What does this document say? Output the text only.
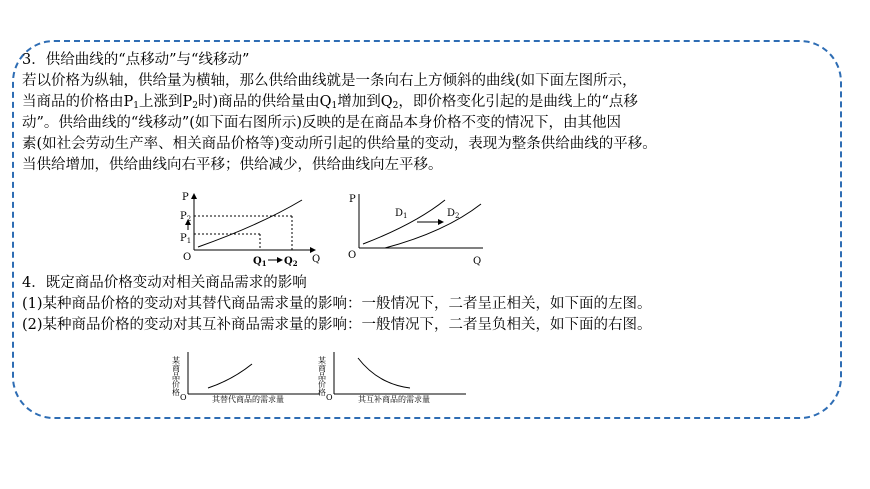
3．供给曲线的“点移动”与“线移动”
若以价格为纵轴，供给量为横轴，那么供给曲线就是一条向右上方倾斜的曲线(如下面左图所示，
当商品的价格由$P_1$上涨到$P_2$时)商品的供给量由$Q_1$增加到$Q_2$，即价格变化引起的是曲线上的“点移
动”。供给曲线的“线移动”(如下面右图所示)反映的是在商品本身价格不变的情况下，由其他因
素(如社会劳动生产率、相关商品价格等)变动所引起的供给量的变动，表现为整条供给曲线的平移。
当供给增加，供给曲线向右平移；供给减少，供给曲线向左平移。
P
$P_2$
$P_1$
O	$Q_1$ $Q_2$ Q
P
O
Q
$D_1$	$D_2$
4．既定商品价格变动对相关商品需求的影响
(1)某种商品价格的变动对其替代商品需求量的影响：一般情况下，二者呈正相关，如下面的左图。
(2)某种商品价格的变动对其互补商品需求量的影响：一般情况下，二者呈负相关，如下面的右图。
某商品价格
O	其替代商品的需求量
某商品价格
O	其互补商品的需求量
